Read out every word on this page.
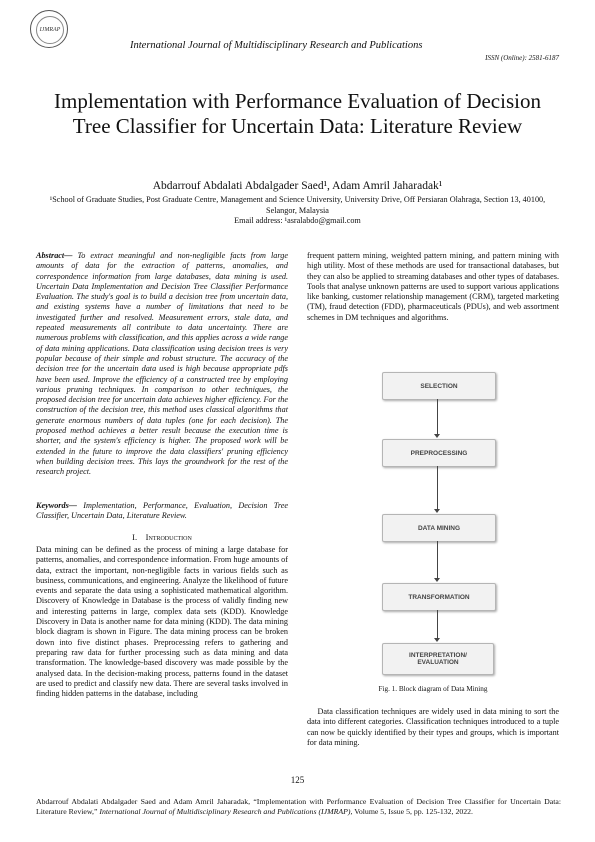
IJMRAP
International Journal of Multidisciplinary Research and Publications
ISSN (Online): 2581-6187
Implementation with Performance Evaluation of Decision Tree Classifier for Uncertain Data: Literature Review
Abdarrouf Abdalati Abdalgader Saed¹, Adam Amril Jaharadak¹
¹School of Graduate Studies, Post Graduate Centre, Management and Science University, University Drive, Off Persiaran Olahraga, Section 13, 40100, Selangor, Malaysia
Email address: ¹asralabdo@gmail.com
Abstract— To extract meaningful and non-negligible facts from large amounts of data for the extraction of patterns, anomalies, and correspondence information from large databases, data mining is used. Uncertain Data Implementation and Decision Tree Classifier Performance Evaluation. The study's goal is to build a decision tree from uncertain data, and existing systems have a number of limitations that need to be investigated further and resolved. Measurement errors, stale data, and repeated measurements all contribute to data uncertainty. There are numerous problems with classification, and this applies across a wide range of data mining applications. Data classification using decision trees is very popular because of their simple and robust structure. The accuracy of the decision tree for the uncertain data used is high because appropriate pdfs have been used. Improve the efficiency of a constructed tree by employing various pruning techniques. In comparison to other techniques, the proposed decision tree for uncertain data achieves higher efficiency. For the construction of the decision tree, this method uses classical algorithms that generate enormous numbers of data tuples (one for each decision). The proposed method achieves a better result because the execution time is shorter, and the system's efficiency is higher. The proposed work will be extended in the future to improve the data classifiers' pruning efficiency when building decision trees. This lays the groundwork for the rest of the research project.
Keywords— Implementation, Performance, Evaluation, Decision Tree Classifier, Uncertain Data, Literature Review.
I. Introduction
Data mining can be defined as the process of mining a large database for patterns, anomalies, and correspondence information. From huge amounts of data, extract the important, non-negligible facts in various fields such as business, communications, and engineering. Analyze the likelihood of future events and separate the data using a sophisticated mathematical algorithm. Discovery of Knowledge in Database is the process of validly finding new and interesting patterns in large, complex data sets (KDD). Knowledge Discovery in Data is another name for data mining (KDD). The data mining block diagram is shown in Figure. The data mining process can be broken down into five distinct phases. Preprocessing refers to gathering and preparing raw data for further processing such as data mining and data transformation. The knowledge-based discovery was made possible by the analysed data. In the decision-making process, patterns found in the dataset are used to predict and classify new data. There are several tasks involved in finding hidden patterns in the database, including
frequent pattern mining, weighted pattern mining, and pattern mining with high utility. Most of these methods are used for transactional databases, but they can also be applied to streaming databases and other types of databases. Tools that analyse unknown patterns are used to support various applications like banking, customer relationship management (CRM), targeted marketing (TM), fraud detection (FDD), pharmaceuticals (PDUs), and web assortment schemes in DM techniques and algorithms.
SELECTION
PREPROCESSING
DATA MINING
TRANSFORMATION
INTERPRETATION/ EVALUATION
Fig. 1. Block diagram of Data Mining
Data classification techniques are widely used in data mining to sort the data into different categories. Classification techniques introduced to a tuple can now be quickly identified by their types and groups, which is important for data mining.
125
Abdarrouf Abdalati Abdalgader Saed and Adam Amril Jaharadak, “Implementation with Performance Evaluation of Decision Tree Classifier for Uncertain Data: Literature Review,” International Journal of Multidisciplinary Research and Publications (IJMRAP), Volume 5, Issue 5, pp. 125-132, 2022.
